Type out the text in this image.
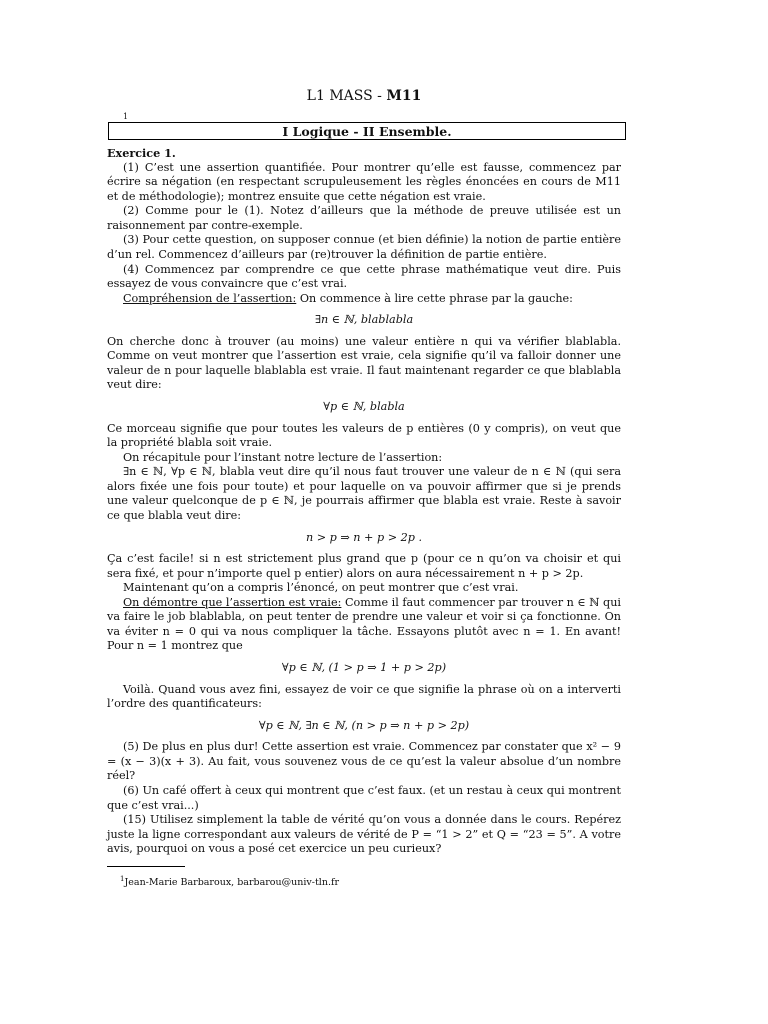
L1 MASS - M11
1
I Logique - II Ensemble.

Exercice 1.

(1) C’est une assertion quantifiée. Pour montrer qu’elle est fausse, commencez par écrire sa négation (en respectant scrupuleusement les règles énoncées en cours de M11 et de méthodologie); montrez ensuite que cette négation est vraie.

(2) Comme pour le (1). Notez d’ailleurs que la méthode de preuve utilisée est un raisonnement par contre-exemple.

(3) Pour cette question, on supposer connue (et bien définie) la notion de partie entière d’un rel. Commencez d’ailleurs par (re)trouver la définition de partie entière.

(4) Commencez par comprendre ce que cette phrase mathématique veut dire. Puis essayez de vous convaincre que c’est vrai.

Compréhension de l’assertion: On commence à lire cette phrase par la gauche:

∃n ∈ ℕ, blablabla

On cherche donc à trouver (au moins) une valeur entière n qui va vérifier blablabla. Comme on veut montrer que l’assertion est vraie, cela signifie qu’il va falloir donner une valeur de n pour laquelle blablabla est vraie. Il faut maintenant regarder ce que blablabla veut dire:

∀p ∈ ℕ, blabla

Ce morceau signifie que pour toutes les valeurs de p entières (0 y compris), on veut que la propriété blabla soit vraie.

On récapitule pour l’instant notre lecture de l’assertion:

∃n ∈ ℕ, ∀p ∈ ℕ, blabla veut dire qu’il nous faut trouver une valeur de n ∈ ℕ (qui sera alors fixée une fois pour toute) et pour laquelle on va pouvoir affirmer que si je prends une valeur quelconque de p ∈ ℕ, je pourrais affirmer que blabla est vraie. Reste à savoir ce que blabla veut dire:

n > p ⇒ n + p > 2p .

Ça c’est facile! si n est strictement plus grand que p (pour ce n qu’on va choisir et qui sera fixé, et pour n’importe quel p entier) alors on aura nécessairement n + p > 2p.

Maintenant qu’on a compris l’énoncé, on peut montrer que c’est vrai.

On démontre que l’assertion est vraie: Comme il faut commencer par trouver n ∈ ℕ qui va faire le job blablabla, on peut tenter de prendre une valeur et voir si ça fonctionne. On va éviter n = 0 qui va nous compliquer la tâche. Essayons plutôt avec n = 1. En avant! Pour n = 1 montrez que

∀p ∈ ℕ, (1 > p ⇒ 1 + p > 2p)

Voilà. Quand vous avez fini, essayez de voir ce que signifie la phrase où on a interverti l’ordre des quantificateurs:

∀p ∈ ℕ, ∃n ∈ ℕ, (n > p ⇒ n + p > 2p)

(5) De plus en plus dur! Cette assertion est vraie. Commencez par constater que x² − 9 = (x − 3)(x + 3). Au fait, vous souvenez vous de ce qu’est la valeur absolue d’un nombre réel?

(6) Un café offert à ceux qui montrent que c’est faux. (et un restau à ceux qui montrent que c’est vrai...)

(15) Utilisez simplement la table de vérité qu’on vous a donnée dans le cours. Repérez juste la ligne correspondant aux valeurs de vérité de P = “1 > 2” et Q = “23 = 5”. A votre avis, pourquoi on vous a posé cet exercice un peu curieux?

$^1$Jean-Marie Barbaroux, barbarou@univ-tln.fr
